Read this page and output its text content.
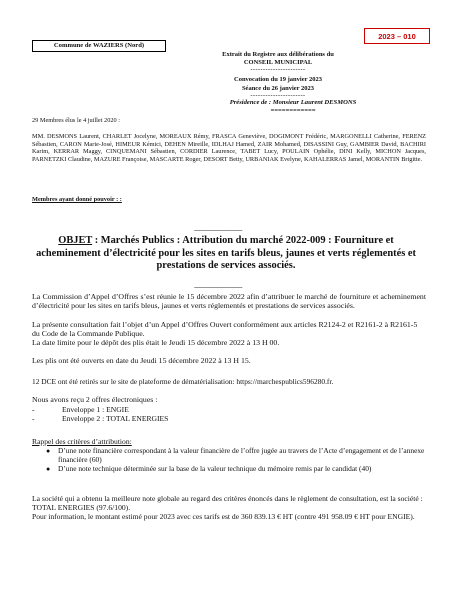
2023 – 010
Commune de WAZIERS (Nord)
Extrait du Registre aux délibérations du
CONSEIL MUNICIPAL
----------------------
Convocation du 19 janvier 2023
Séance du 26 janvier 2023
----------------------
Présidence de : Monsieur Laurent DESMONS
============
29 Membres élus le 4 juillet 2020 :
MM. DESMONS Laurent, CHARLET Jocelyne, MOREAUX Rémy, FRASCA Geneviève, DOGIMONT Frédéric, MARGONELLI Catherine, FERENZ Sébastien, CARON Marie-José, HIMEUR Kémici, DEHEN Mireille, IDLHAJ Hamed, ZAIR Mohamed, DISASSINI Guy, GAMBIER David, BACHIRI Karim, KERRAR Maggy, CINQUEMANI Sébastien, CORDIER Laurence, TABET Lucy, POULAIN Ophélie, DINI Kelly, MICHON Jacques, PARNETZKI Claudine, MAZURE Françoise, MASCARTE Roger, DESORT Betty, URBANIAK Evelyne, KAHALERRAS Jamel, MORANTIN Brigitte.
Membres ayant donné pouvoir : :
--------------------------------
OBJET : Marchés Publics : Attribution du marché 2022-009 : Fourniture et acheminement d’électricité pour les sites en tarifs bleus, jaunes et verts réglementés et prestations de services associés.
--------------------------------
La Commission d’Appel d’Offres s’est réunie le 15 décembre 2022 afin d’attribuer le marché de fourniture et acheminement d’électricité pour les sites en tarifs bleus, jaunes et verts réglementés et prestations de services associés.
La présente consultation fait l’objet d’un Appel d’Offres Ouvert conformément aux articles R2124-2 et R2161-2 à R2161-5 du Code de la Commande Publique.
La date limite pour le dépôt des plis était le Jeudi 15 décembre 2022 à 13 H 00.
Les plis ont été ouverts en date du Jeudi 15 décembre 2022 à 13 H 15.
12 DCE ont été retirés sur le site de plateforme de dématérialisation: https://marchespublics596280.fr.
Nous avons reçu 2 offres électroniques :
-	Enveloppe 1 : ENGIE
-	Enveloppe 2 : TOTAL ENERGIES
Rappel des critères d’attribution:
● D’une note financière correspondant à la valeur financière de l’offre jugée au travers de l’Acte d’engagement et de l’annexe financière (60)
● D’une note technique déterminée sur la base de la valeur technique du mémoire remis par le candidat (40)
La société qui a obtenu la meilleure note globale au regard des critères énoncés dans le règlement de consultation, est la société : TOTAL ENERGIES (97.6/100).
Pour information, le montant estimé pour 2023 avec ces tarifs est de 360 839.13 € HT (contre 491 958.09 € HT pour ENGIE).
